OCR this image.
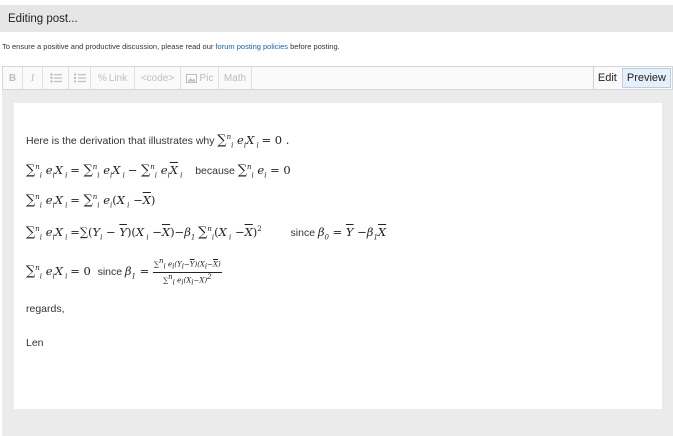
Editing post...
To ensure a positive and productive discussion, please read our forum posting policies before posting.
B	I	% Link	<code>	Pic	Math	Edit Preview
Here is the derivation that illustrates why ∑$^n_i$ $e_iX$ $_i$ = 0 .
∑$^n_i$ $e_iX$ $_i$ = ∑$^n_i$ $e_iX$ $_i$ − ∑$^n_i$ $e_i\overline{X}$ $_i$ because ∑$^n_i$ $e_i = 0$
∑$^n_i$ $e_iX$ $_i$ = ∑$^n_i$ $e_i(X$ $_i -\overline{X}$)
∑$^n_i$ $e_iX$ $_i =\sum(Y_i - \overline{Y})(X$ $_i -\overline{X})-\beta_1$ ∑$^n_i$(X $_i -\overline{X})^2$	since $\beta_0 = \overline{Y} -\beta_1\overline{X}$
∑$^n_i$ $e_iX$ $_i$ = 0 since $\beta_1 = \frac{\sum^n_i e_i(Y_i-\overline{Y})(X_i-\overline{X})}{\sum^n_i e_i(X_i-X)^2}$
regards,
Len
